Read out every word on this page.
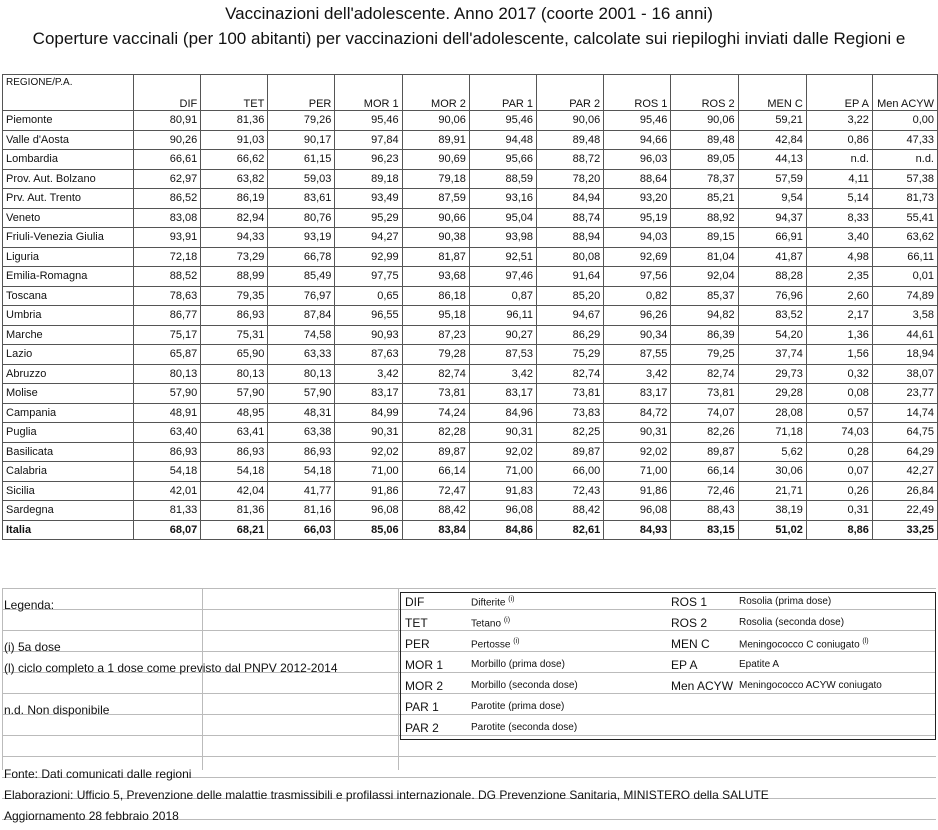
Vaccinazioni dell'adolescente. Anno 2017 (coorte 2001 - 16 anni)
Coperture vaccinali (per 100 abitanti) per vaccinazioni dell'adolescente, calcolate sui riepiloghi inviati dalle Regioni e
REGIONE/P.A.	DIF	TET	PER	MOR 1	MOR 2	PAR 1	PAR 2	ROS 1	ROS 2	MEN C	EP A	Men ACYW
Piemonte	80,91	81,36	79,26	95,46	90,06	95,46	90,06	95,46	90,06	59,21	3,22	0,00
Valle d'Aosta	90,26	91,03	90,17	97,84	89,91	94,48	89,48	94,66	89,48	42,84	0,86	47,33
Lombardia	66,61	66,62	61,15	96,23	90,69	95,66	88,72	96,03	89,05	44,13	n.d.	n.d.
Prov. Aut. Bolzano	62,97	63,82	59,03	89,18	79,18	88,59	78,20	88,64	78,37	57,59	4,11	57,38
Prv. Aut. Trento	86,52	86,19	83,61	93,49	87,59	93,16	84,94	93,20	85,21	9,54	5,14	81,73
Veneto	83,08	82,94	80,76	95,29	90,66	95,04	88,74	95,19	88,92	94,37	8,33	55,41
Friuli-Venezia Giulia	93,91	94,33	93,19	94,27	90,38	93,98	88,94	94,03	89,15	66,91	3,40	63,62
Liguria	72,18	73,29	66,78	92,99	81,87	92,51	80,08	92,69	81,04	41,87	4,98	66,11
Emilia-Romagna	88,52	88,99	85,49	97,75	93,68	97,46	91,64	97,56	92,04	88,28	2,35	0,01
Toscana	78,63	79,35	76,97	0,65	86,18	0,87	85,20	0,82	85,37	76,96	2,60	74,89
Umbria	86,77	86,93	87,84	96,55	95,18	96,11	94,67	96,26	94,82	83,52	2,17	3,58
Marche	75,17	75,31	74,58	90,93	87,23	90,27	86,29	90,34	86,39	54,20	1,36	44,61
Lazio	65,87	65,90	63,33	87,63	79,28	87,53	75,29	87,55	79,25	37,74	1,56	18,94
Abruzzo	80,13	80,13	80,13	3,42	82,74	3,42	82,74	3,42	82,74	29,73	0,32	38,07
Molise	57,90	57,90	57,90	83,17	73,81	83,17	73,81	83,17	73,81	29,28	0,08	23,77
Campania	48,91	48,95	48,31	84,99	74,24	84,96	73,83	84,72	74,07	28,08	0,57	14,74
Puglia	63,40	63,41	63,38	90,31	82,28	90,31	82,25	90,31	82,26	71,18	74,03	64,75
Basilicata	86,93	86,93	86,93	92,02	89,87	92,02	89,87	92,02	89,87	5,62	0,28	64,29
Calabria	54,18	54,18	54,18	71,00	66,14	71,00	66,00	71,00	66,14	30,06	0,07	42,27
Sicilia	42,01	42,04	41,77	91,86	72,47	91,83	72,43	91,86	72,46	21,71	0,26	26,84
Sardegna	81,33	81,36	81,16	96,08	88,42	96,08	88,42	96,08	88,43	38,19	0,31	22,49
Italia	68,07	68,21	66,03	85,06	83,84	84,86	82,61	84,93	83,15	51,02	8,86	33,25
Legenda:
(i) 5a dose
(l) ciclo completo a 1 dose come previsto dal PNPV 2012-2014
n.d. Non disponibile
DIF	Difterite $^{(i)}$
TET	Tetano $^{(i)}$
PER	Pertosse $^{(i)}$
MOR 1	Morbillo (prima dose)
MOR 2	Morbillo (seconda dose)
PAR 1	Parotite (prima dose)
PAR 2	Parotite (seconda dose)
ROS 1	Rosolia (prima dose)
ROS 2	Rosolia (seconda dose)
MEN C	Meningococco C coniugato $^{(l)}$
EP A	Epatite A
Men ACYW Meningococco ACYW coniugato
Fonte: Dati comunicati dalle regioni
Elaborazioni: Ufficio 5, Prevenzione delle malattie trasmissibili e profilassi internazionale. DG Prevenzione Sanitaria, MINISTERO della SALUTE
Aggiornamento 28 febbraio 2018
